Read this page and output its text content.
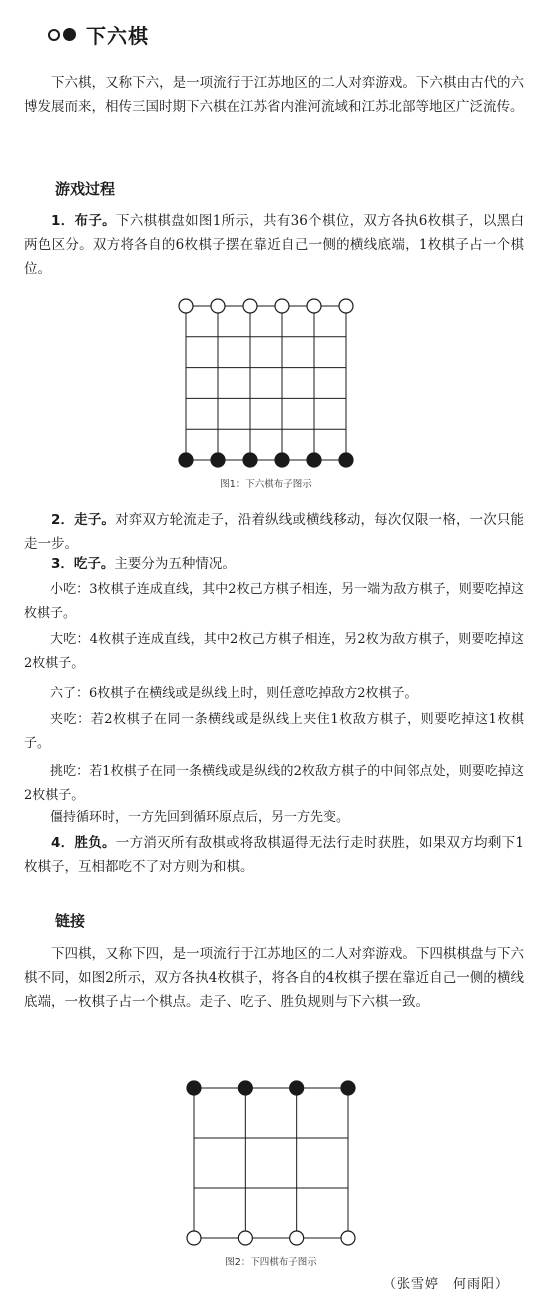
下六棋

下六棋，又称下六，是一项流行于江苏地区的二人对弈游戏。下六棋由古代的六博发展而来，相传三国时期下六棋在江苏省内淮河流域和江苏北部等地区广泛流传。

游戏过程

1．布子。下六棋棋盘如图1所示，共有36个棋位，双方各执6枚棋子，以黑白两色区分。双方将各自的6枚棋子摆在靠近自己一侧的横线底端，1枚棋子占一个棋位。

图1：下六棋布子图示

2．走子。对弈双方轮流走子，沿着纵线或横线移动，每次仅限一格，一次只能走一步。

3．吃子。主要分为五种情况。

小吃：3枚棋子连成直线，其中2枚己方棋子相连，另一端为敌方棋子，则要吃掉这枚棋子。

大吃：4枚棋子连成直线，其中2枚己方棋子相连，另2枚为敌方棋子，则要吃掉这2枚棋子。

六了：6枚棋子在横线或是纵线上时，则任意吃掉敌方2枚棋子。

夹吃：若2枚棋子在同一条横线或是纵线上夹住1枚敌方棋子，则要吃掉这1枚棋子。

挑吃：若1枚棋子在同一条横线或是纵线的2枚敌方棋子的中间邻点处，则要吃掉这2枚棋子。

僵持循环时，一方先回到循环原点后，另一方先变。

4．胜负。一方消灭所有敌棋或将敌棋逼得无法行走时获胜，如果双方均剩下1枚棋子，互相都吃不了对方则为和棋。

链接

下四棋，又称下四，是一项流行于江苏地区的二人对弈游戏。下四棋棋盘与下六棋不同，如图2所示，双方各执4枚棋子，将各自的4枚棋子摆在靠近自己一侧的横线底端，一枚棋子占一个棋点。走子、吃子、胜负规则与下六棋一致。

图2：下四棋布子图示
（张雪婷　何雨阳）
